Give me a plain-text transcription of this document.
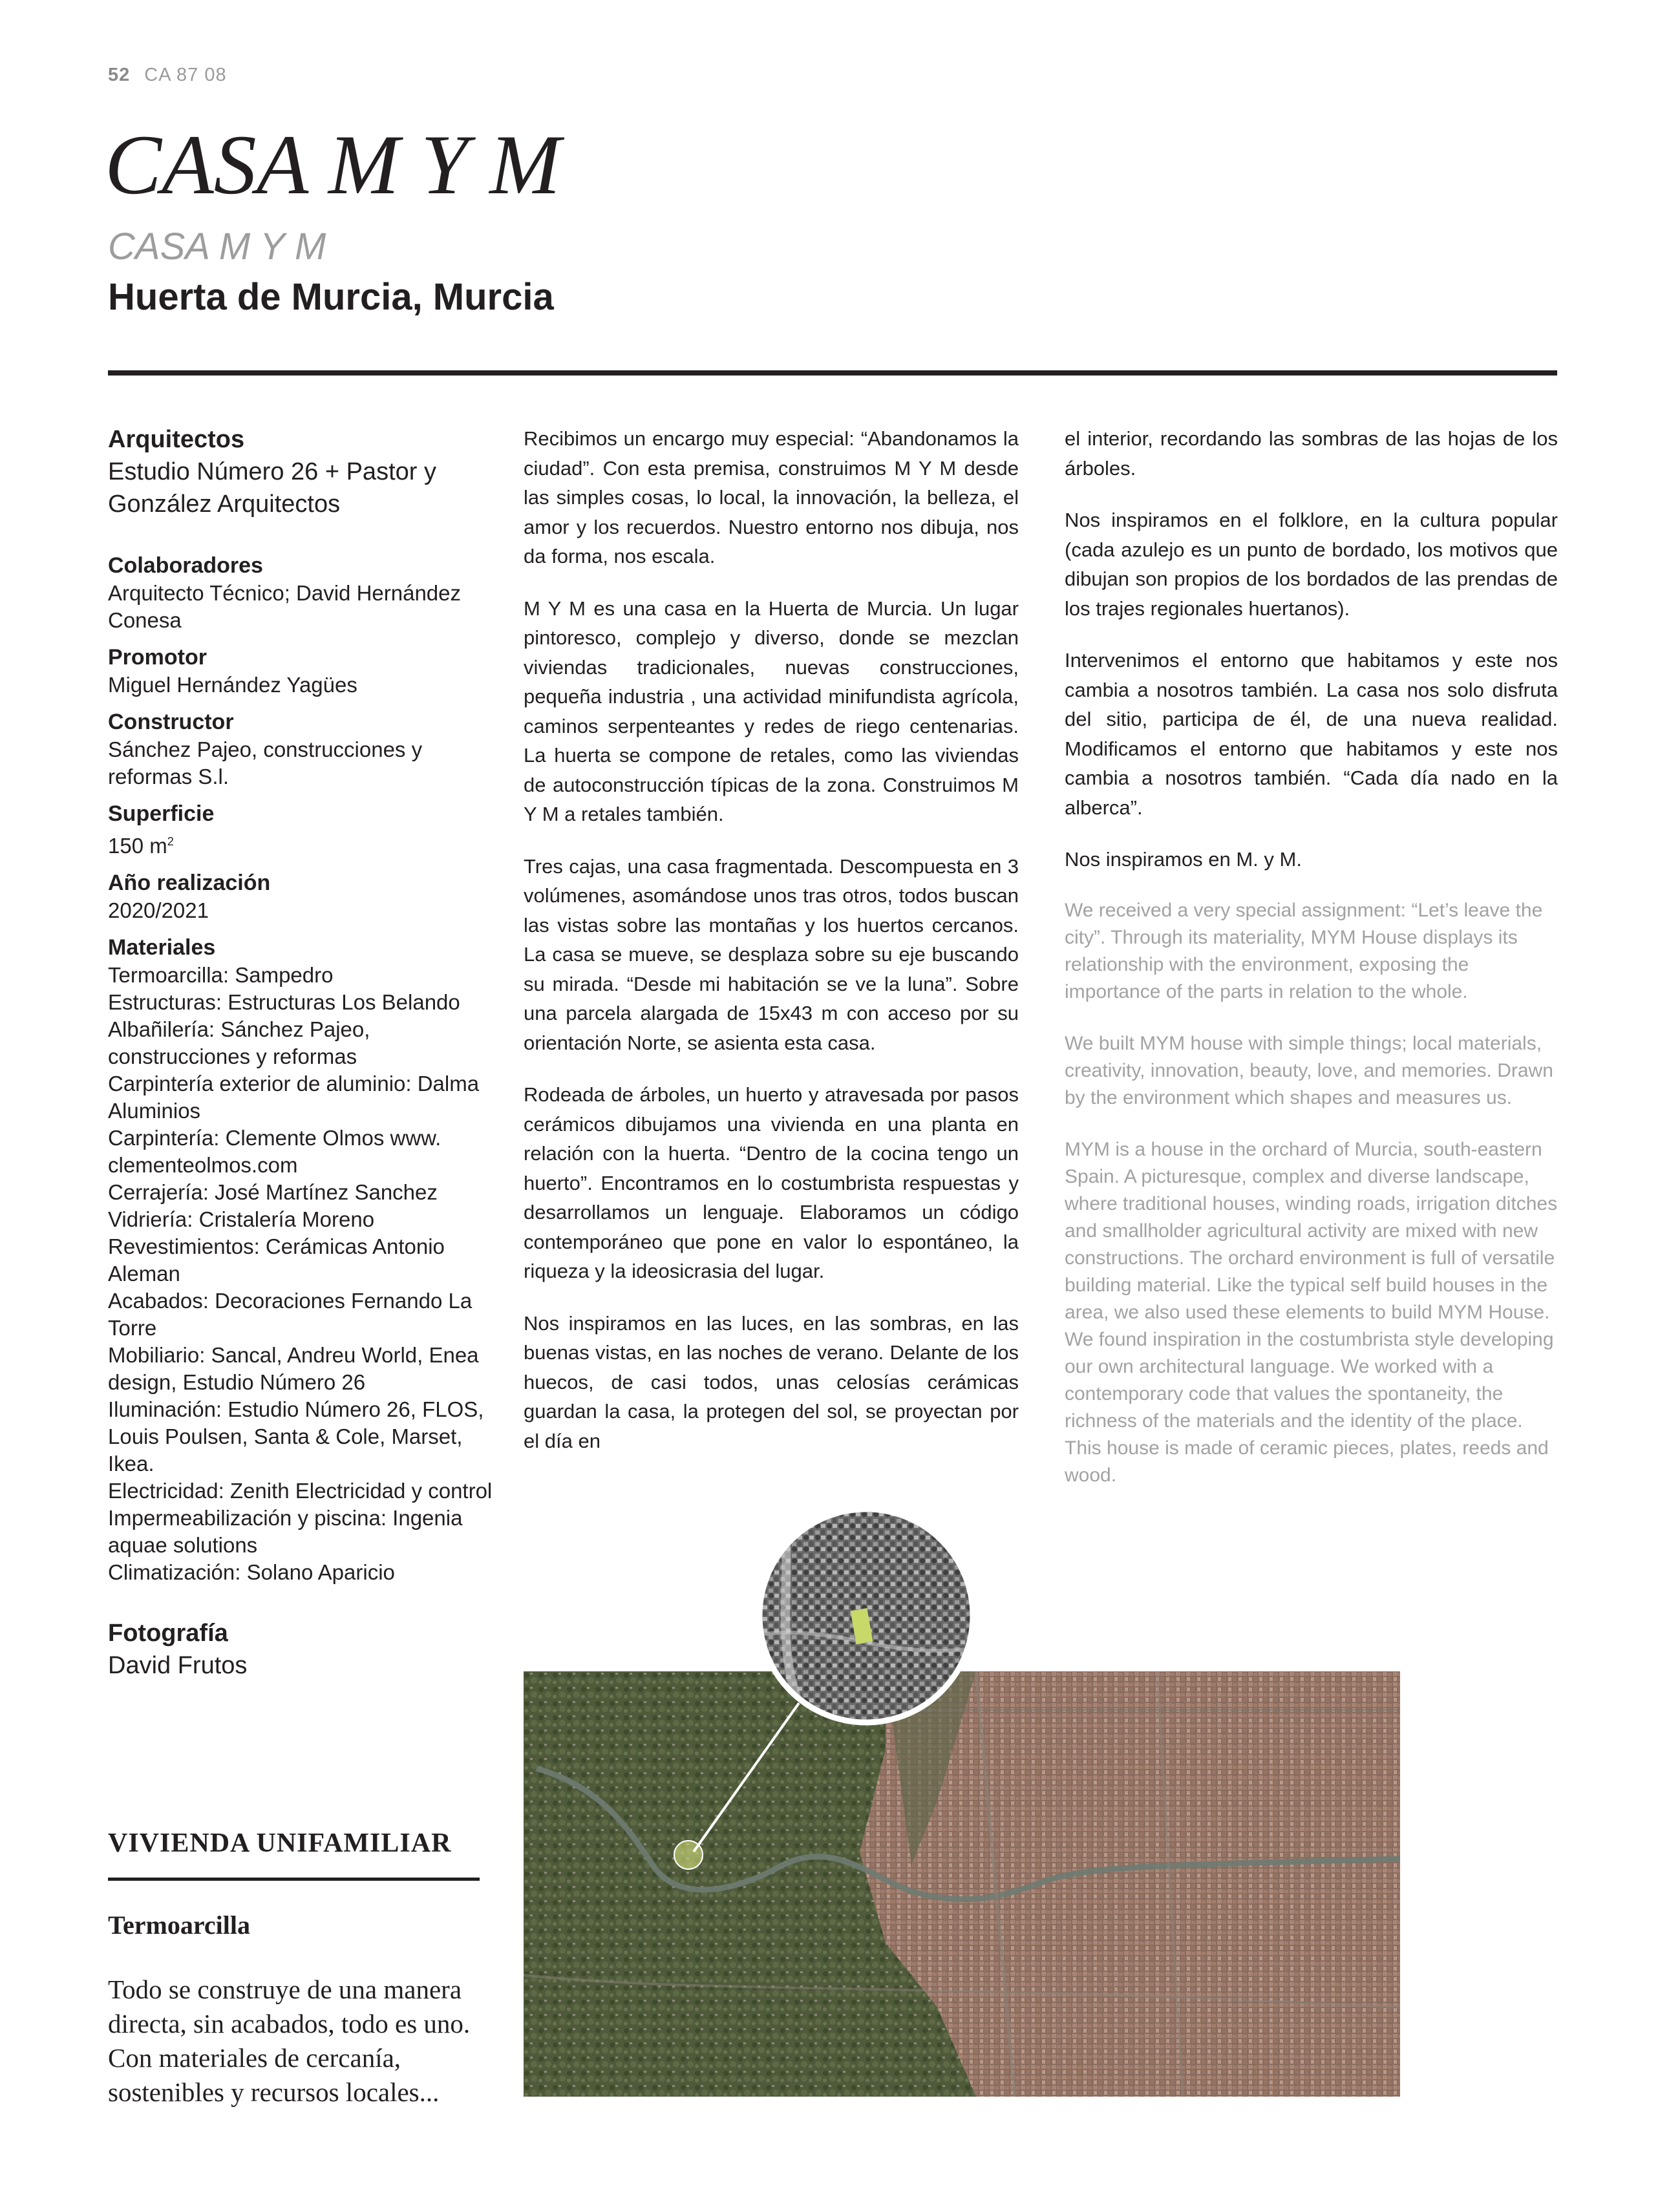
52 CA 87 08
CASA M Y M
CASA M Y M
Huerta de Murcia, Murcia
Arquitectos
Estudio Número 26 + Pastor y González Arquitectos
Colaboradores
Arquitecto Técnico; David Hernández Conesa
Promotor
Miguel Hernández Yagües
Constructor
Sánchez Pajeo, construcciones y reformas S.l.
Superficie
150 $m^2$
Año realización
2020/2021
Materiales
Termoarcilla: Sampedro
Estructuras: Estructuras Los Belando
Albañilería: Sánchez Pajeo, construcciones y reformas
Carpintería exterior de aluminio: Dalma Aluminios
Carpintería: Clemente Olmos www. clementeolmos.com
Cerrajería: José Martínez Sanchez
Vidriería: Cristalería Moreno
Revestimientos: Cerámicas Antonio Aleman
Acabados: Decoraciones Fernando La Torre
Mobiliario: Sancal, Andreu World, Enea design, Estudio Número 26
Iluminación: Estudio Número 26, FLOS, Louis Poulsen, Santa & Cole, Marset, Ikea.
Electricidad: Zenith Electricidad y control
Impermeabilización y piscina: Ingenia aquae solutions
Climatización: Solano Aparicio
Fotografía
David Frutos

Recibimos un encargo muy especial: “Abandonamos la ciudad”. Con esta premisa, construimos M Y M desde las simples cosas, lo local, la innovación, la belleza, el amor y los recuerdos. Nuestro entorno nos dibuja, nos da forma, nos escala.

M Y M es una casa en la Huerta de Murcia. Un lugar pintoresco, complejo y diverso, donde se mezclan viviendas tradicionales, nuevas construcciones, pequeña industria , una actividad minifundista agrícola, caminos serpenteantes y redes de riego centenarias. La huerta se compone de retales, como las viviendas de autoconstrucción típicas de la zona. Construimos M Y M a retales también.

Tres cajas, una casa fragmentada. Descompuesta en 3 volúmenes, asomándose unos tras otros, todos buscan las vistas sobre las montañas y los huertos cercanos. La casa se mueve, se desplaza sobre su eje buscando su mirada. “Desde mi habitación se ve la luna”. Sobre una parcela alargada de 15x43 m con acceso por su orientación Norte, se asienta esta casa.

Rodeada de árboles, un huerto y atravesada por pasos cerámicos dibujamos una vivienda en una planta en relación con la huerta. “Dentro de la cocina tengo un huerto”. Encontramos en lo costumbrista respuestas y desarrollamos un lenguaje. Elaboramos un código contemporáneo que pone en valor lo espontáneo, la riqueza y la ideosicrasia del lugar.

Nos inspiramos en las luces, en las sombras, en las buenas vistas, en las noches de verano. Delante de los huecos, de casi todos, unas celosías cerámicas guardan la casa, la protegen del sol, se proyectan por el día en

el interior, recordando las sombras de las hojas de los árboles.

Nos inspiramos en el folklore, en la cultura popular (cada azulejo es un punto de bordado, los motivos que dibujan son propios de los bordados de las prendas de los trajes regionales huertanos).

Intervenimos el entorno que habitamos y este nos cambia a nosotros también. La casa nos solo disfruta del sitio, participa de él, de una nueva realidad. Modificamos el entorno que habitamos y este nos cambia a nosotros también. “Cada día nado en la alberca”.

Nos inspiramos en M. y M.

We received a very special assignment: “Let’s leave the city”. Through its materiality, MYM House displays its relationship with the environment, exposing the importance of the parts in relation to the whole.

We built MYM house with simple things; local materials, creativity, innovation, beauty, love, and memories. Drawn by the environment which shapes and measures us.

MYM is a house in the orchard of Murcia, south-eastern Spain. A picturesque, complex and diverse landscape, where traditional houses, winding roads, irrigation ditches and smallholder agricultural activity are mixed with new constructions. The orchard environment is full of versatile building material. Like the typical self build houses in the area, we also used these elements to build MYM House. We found inspiration in the costumbrista style developing our own architectural language. We worked with a contemporary code that values the spontaneity, the richness of the materials and the identity of the place. This house is made of ceramic pieces, plates, reeds and wood.

VIVIENDA UNIFAMILIAR
Termoarcilla
Todo se construye de una manera directa, sin acabados, todo es uno. Con materiales de cercanía, sostenibles y recursos locales...
